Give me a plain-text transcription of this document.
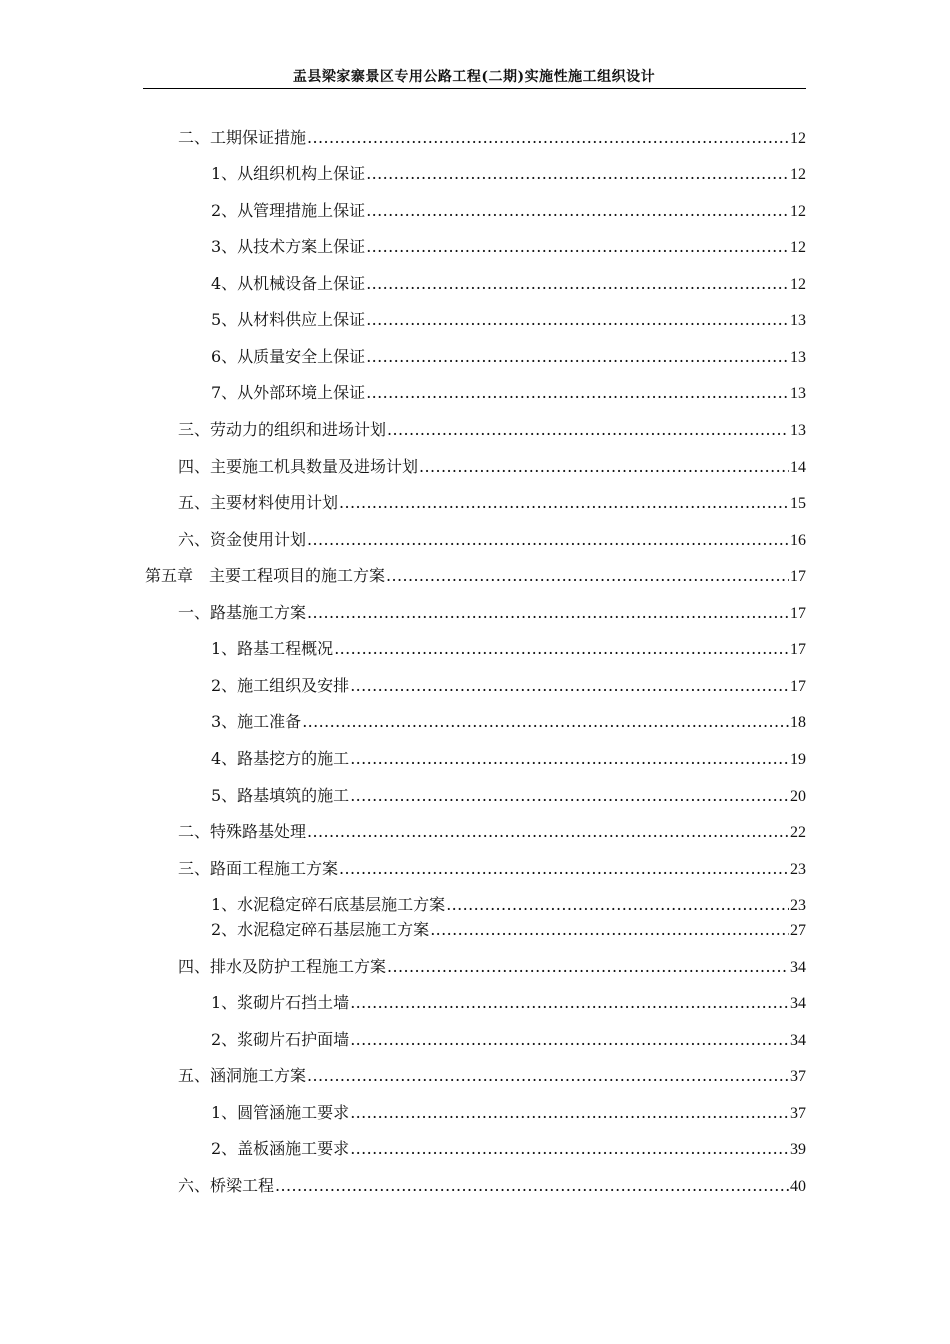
盂县梁家寨景区专用公路工程(二期)实施性施工组织设计
二、工期保证措施 .....	12
1、从组织机构上保证 .....	12
2、从管理措施上保证 .....	12
3、从技术方案上保证 .....	12
4、从机械设备上保证 .....	12
5、从材料供应上保证 .....	13
6、从质量安全上保证 .....	13
7、从外部环境上保证 .....	13
三、劳动力的组织和进场计划 .....	13
四、主要施工机具数量及进场计划 .....	14
五、主要材料使用计划 .....	15
六、资金使用计划 .....	16
第五章　主要工程项目的施工方案 .....	17
一、路基施工方案 .....	17
1、路基工程概况 .....	17
2、施工组织及安排 .....	17
3、施工准备 .....	18
4、路基挖方的施工 .....	19
5、路基填筑的施工 .....	20
二、特殊路基处理 .....	22
三、路面工程施工方案 .....	23
1、水泥稳定碎石底基层施工方案 .....	23
2、水泥稳定碎石基层施工方案 .....	27
四、排水及防护工程施工方案 .....	34
1、浆砌片石挡土墙 .....	34
2、浆砌片石护面墙 .....	34
五、涵洞施工方案 .....	37
1、圆管涵施工要求 .....	37
2、盖板涵施工要求 .....	39
六、桥梁工程 .....	40
